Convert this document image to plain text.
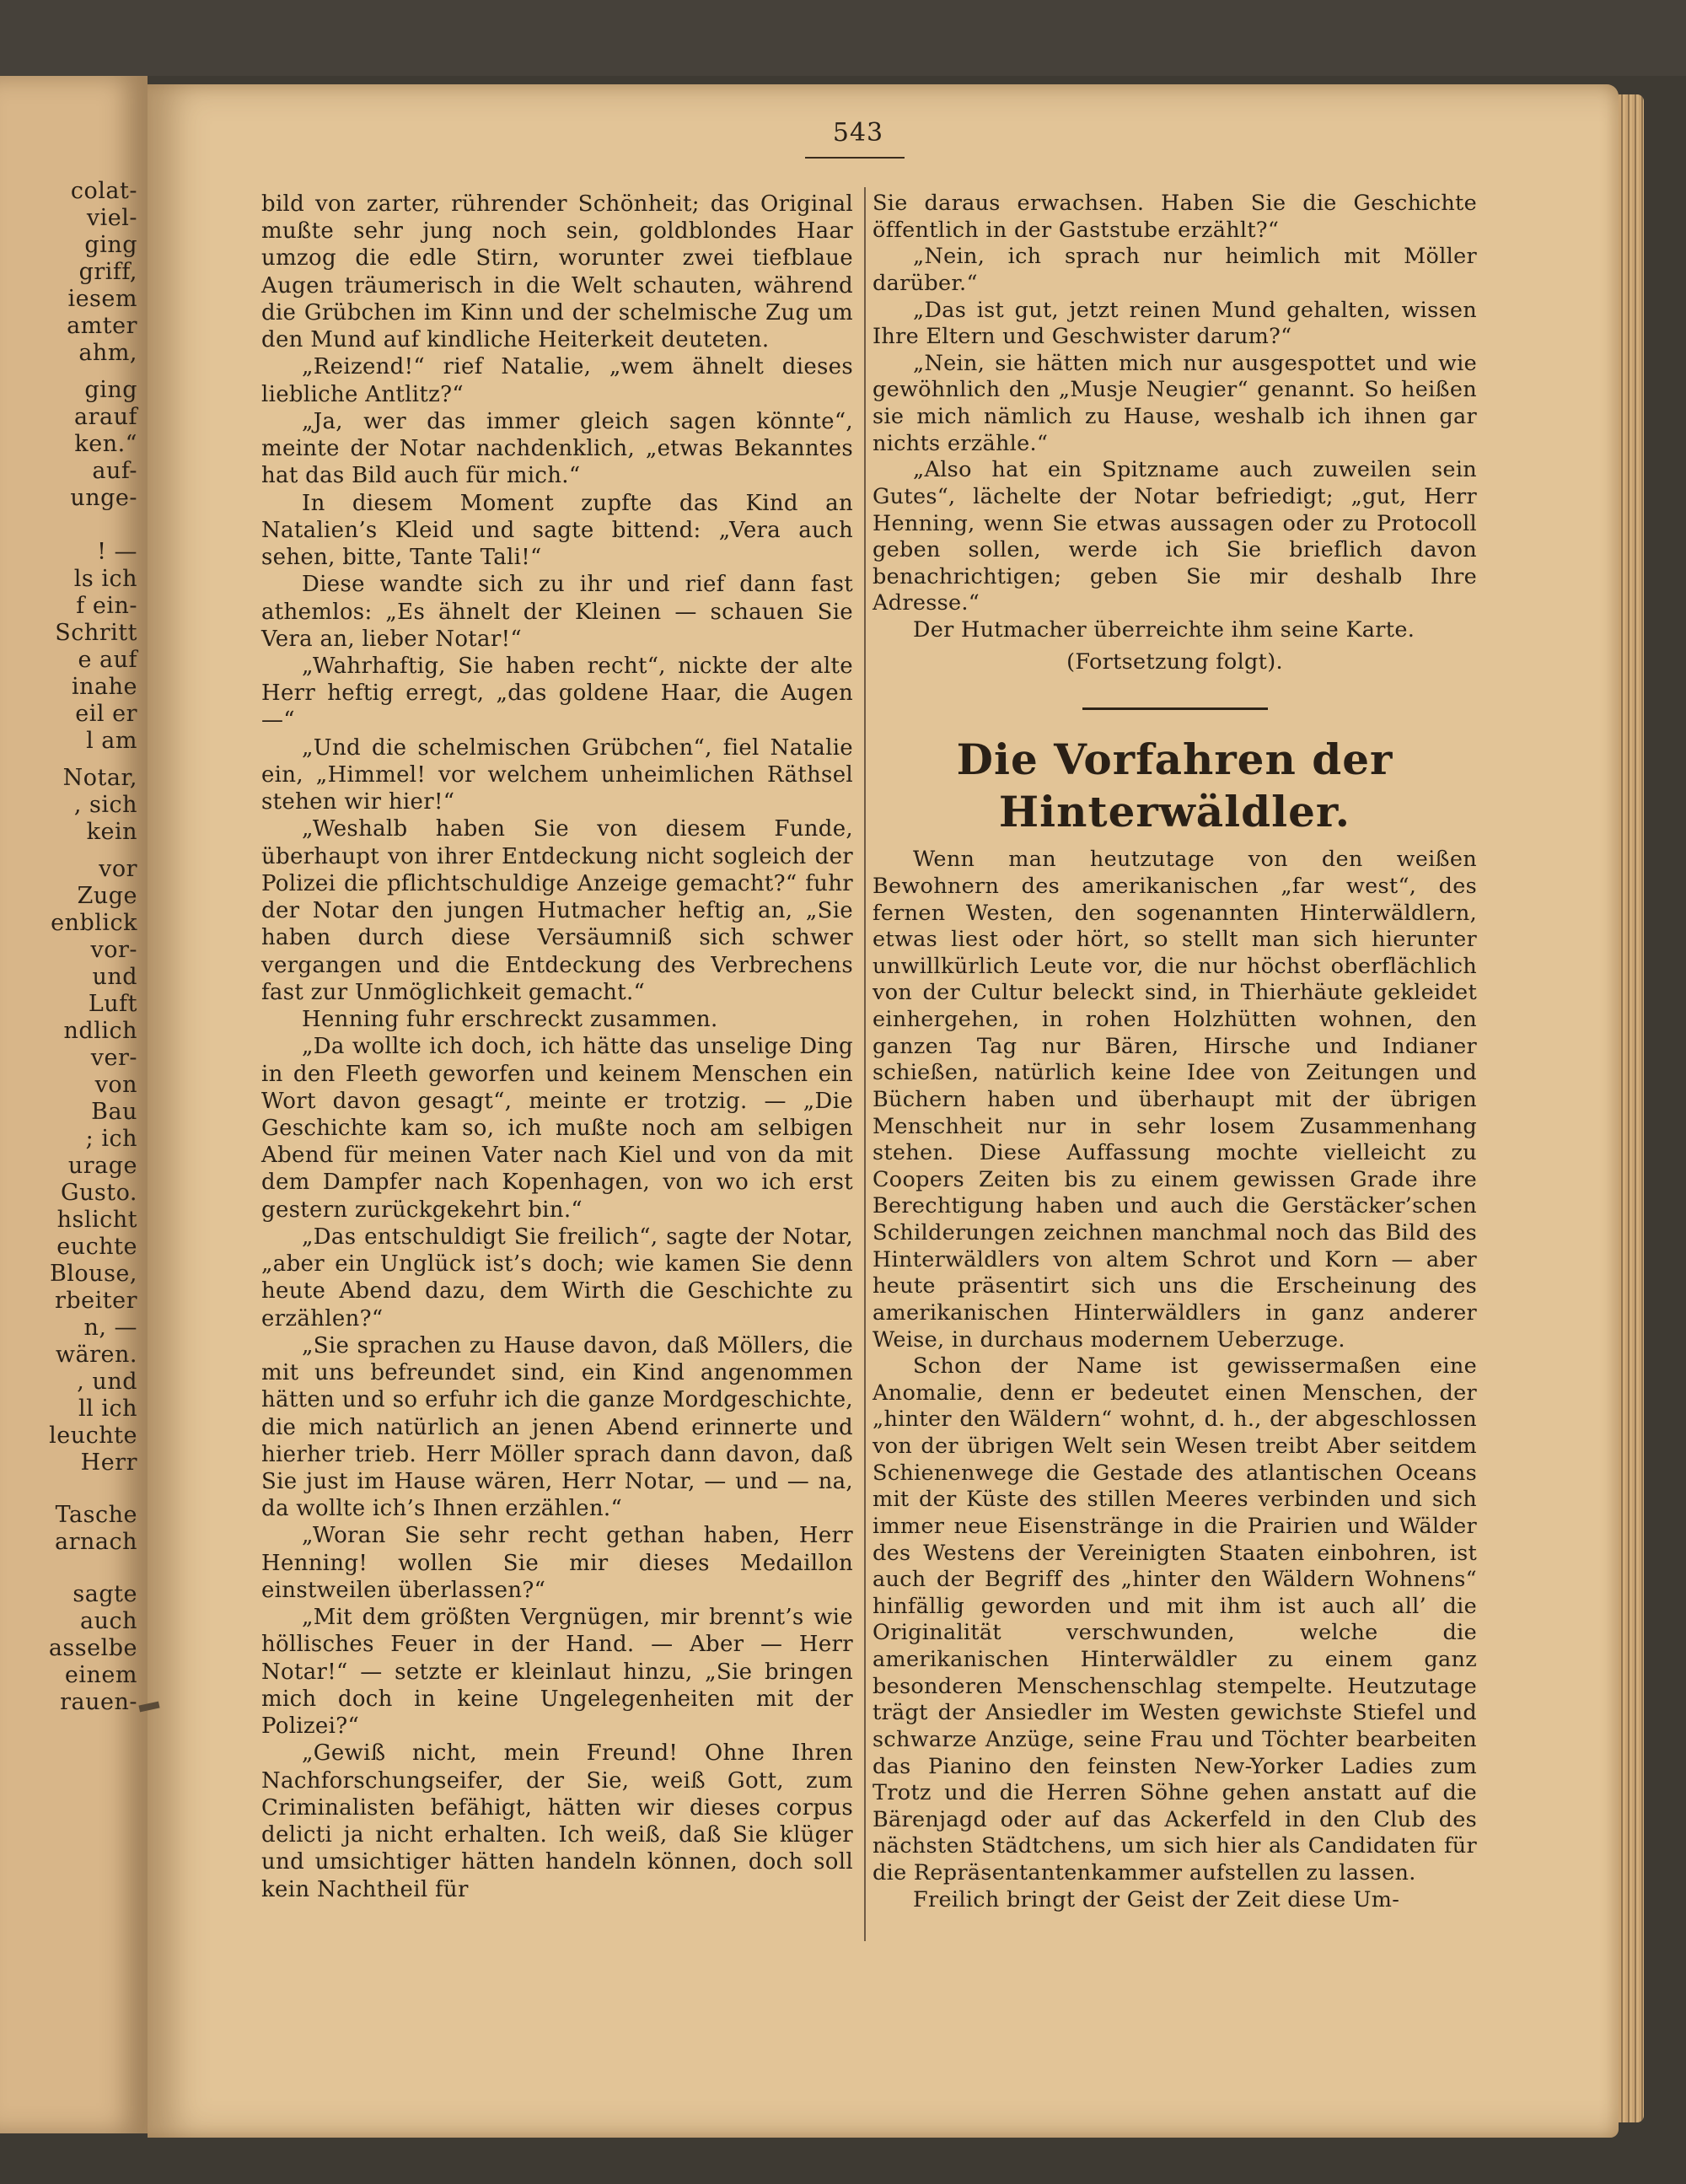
colat-
viel-
ging
griff,
iesem
amter
ahm,
ging
arauf
ken.“
auf-
unge-
! —
ls ich
f ein-
Schritt
e auf
inahe
eil er
l am
Notar,
, sich
kein
vor
Zuge
enblick
vor-
und
Luft
ndlich
ver-
von
Bau
; ich
urage
Gusto.
hslicht
euchte
Blouse,
rbeiter
n, —
wären.
, und
ll ich
leuchte
Herr
Tasche
arnach
sagte
auch
asselbe
einem
rauen-
543

bild von zarter, rührender Schönheit; das Original mußte sehr jung noch sein, goldblondes Haar umzog die edle Stirn, worunter zwei tiefblaue Augen träumerisch in die Welt schauten, während die Grübchen im Kinn und der schelmische Zug um den Mund auf kindliche Heiterkeit deuteten.

„Reizend!“ rief Natalie, „wem ähnelt dieses liebliche Antlitz?“

„Ja, wer das immer gleich sagen könnte“, meinte der Notar nachdenklich, „etwas Bekanntes hat das Bild auch für mich.“

In diesem Moment zupfte das Kind an Natalien’s Kleid und sagte bittend: „Vera auch sehen, bitte, Tante Tali!“

Diese wandte sich zu ihr und rief dann fast athemlos: „Es ähnelt der Kleinen — schauen Sie Vera an, lieber Notar!“

„Wahrhaftig, Sie haben recht“, nickte der alte Herr heftig erregt, „das goldene Haar, die Augen —“

„Und die schelmischen Grübchen“, fiel Natalie ein, „Himmel! vor welchem unheimlichen Räthsel stehen wir hier!“

„Weshalb haben Sie von diesem Funde, überhaupt von ihrer Entdeckung nicht sogleich der Polizei die pflichtschuldige Anzeige gemacht?“ fuhr der Notar den jungen Hutmacher heftig an, „Sie haben durch diese Versäumniß sich schwer vergangen und die Entdeckung des Verbrechens fast zur Unmöglichkeit gemacht.“

Henning fuhr erschreckt zusammen.

„Da wollte ich doch, ich hätte das unselige Ding in den Fleeth geworfen und keinem Menschen ein Wort davon gesagt“, meinte er trotzig. — „Die Geschichte kam so, ich mußte noch am selbigen Abend für meinen Vater nach Kiel und von da mit dem Dampfer nach Kopenhagen, von wo ich erst gestern zurückgekehrt bin.“

„Das entschuldigt Sie freilich“, sagte der Notar, „aber ein Unglück ist’s doch; wie kamen Sie denn heute Abend dazu, dem Wirth die Geschichte zu erzählen?“

„Sie sprachen zu Hause davon, daß Möllers, die mit uns befreundet sind, ein Kind angenommen hätten und so erfuhr ich die ganze Mordgeschichte, die mich natürlich an jenen Abend erinnerte und hierher trieb. Herr Möller sprach dann davon, daß Sie just im Hause wären, Herr Notar, — und — na, da wollte ich’s Ihnen erzählen.“

„Woran Sie sehr recht gethan haben, Herr Henning! wollen Sie mir dieses Medaillon einstweilen überlassen?“

„Mit dem größten Vergnügen, mir brennt’s wie höllisches Feuer in der Hand. — Aber — Herr Notar!“ — setzte er kleinlaut hinzu, „Sie bringen mich doch in keine Ungelegenheiten mit der Polizei?“

„Gewiß nicht, mein Freund! Ohne Ihren Nachforschungseifer, der Sie, weiß Gott, zum Criminalisten befähigt, hätten wir dieses corpus delicti ja nicht erhalten. Ich weiß, daß Sie klüger und umsichtiger hätten handeln können, doch soll kein Nachtheil für

Sie daraus erwachsen. Haben Sie die Geschichte öffentlich in der Gaststube erzählt?“

„Nein, ich sprach nur heimlich mit Möller darüber.“

„Das ist gut, jetzt reinen Mund gehalten, wissen Ihre Eltern und Geschwister darum?“

„Nein, sie hätten mich nur ausgespottet und wie gewöhnlich den „Musje Neugier“ genannt. So heißen sie mich nämlich zu Hause, weshalb ich ihnen gar nichts erzähle.“

„Also hat ein Spitzname auch zuweilen sein Gutes“, lächelte der Notar befriedigt; „gut, Herr Henning, wenn Sie etwas aussagen oder zu Protocoll geben sollen, werde ich Sie brieflich davon benachrichtigen; geben Sie mir deshalb Ihre Adresse.“

Der Hutmacher überreichte ihm seine Karte.

(Fortsetzung folgt).
Die Vorfahren der Hinterwäldler.

Wenn man heutzutage von den weißen Bewohnern des amerikanischen „far west“, des fernen Westen, den sogenannten Hinterwäldlern, etwas liest oder hört, so stellt man sich hierunter unwillkürlich Leute vor, die nur höchst oberflächlich von der Cultur beleckt sind, in Thierhäute gekleidet einhergehen, in rohen Holzhütten wohnen, den ganzen Tag nur Bären, Hirsche und Indianer schießen, natürlich keine Idee von Zeitungen und Büchern haben und überhaupt mit der übrigen Menschheit nur in sehr losem Zusammenhang stehen. Diese Auffassung mochte vielleicht zu Coopers Zeiten bis zu einem gewissen Grade ihre Berechtigung haben und auch die Gerstäcker’schen Schilderungen zeichnen manchmal noch das Bild des Hinterwäldlers von altem Schrot und Korn — aber heute präsentirt sich uns die Erscheinung des amerikanischen Hinterwäldlers in ganz anderer Weise, in durchaus modernem Ueberzuge.

Schon der Name ist gewissermaßen eine Anomalie, denn er bedeutet einen Menschen, der „hinter den Wäldern“ wohnt, d. h., der abgeschlossen von der übrigen Welt sein Wesen treibt Aber seitdem Schienenwege die Gestade des atlantischen Oceans mit der Küste des stillen Meeres verbinden und sich immer neue Eisenstränge in die Prairien und Wälder des Westens der Vereinigten Staaten einbohren, ist auch der Begriff des „hinter den Wäldern Wohnens“ hinfällig geworden und mit ihm ist auch all’ die Originalität verschwunden, welche die amerikanischen Hinterwäldler zu einem ganz besonderen Menschenschlag stempelte. Heutzutage trägt der Ansiedler im Westen gewichste Stiefel und schwarze Anzüge, seine Frau und Töchter bearbeiten das Pianino den feinsten New-Yorker Ladies zum Trotz und die Herren Söhne gehen anstatt auf die Bärenjagd oder auf das Ackerfeld in den Club des nächsten Städtchens, um sich hier als Candidaten für die Repräsentantenkammer aufstellen zu lassen.

Freilich bringt der Geist der Zeit diese Um-
